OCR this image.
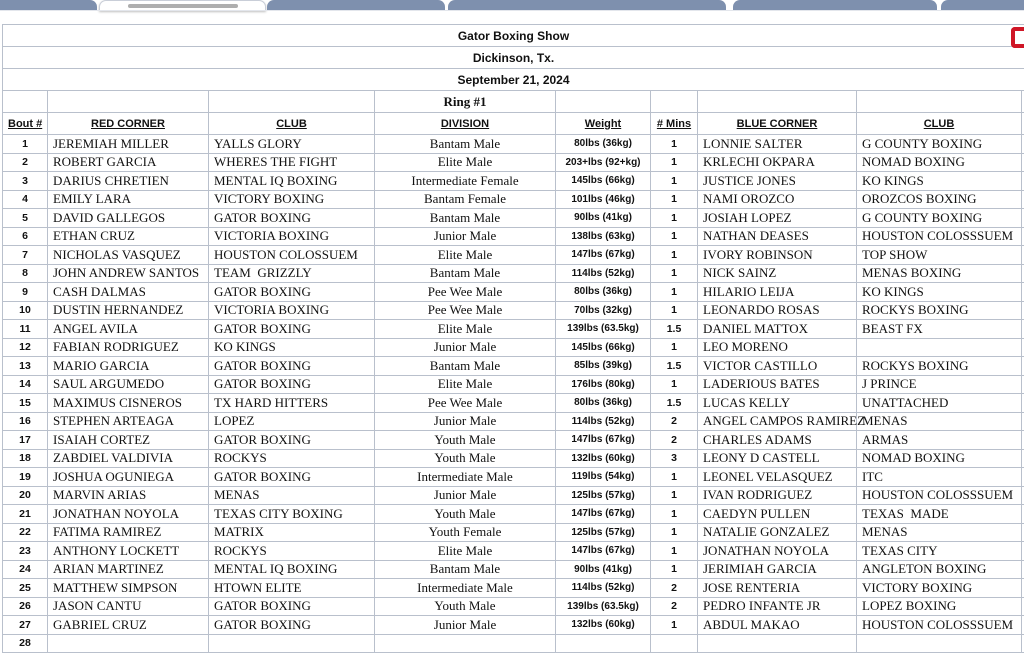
Gator Boxing Show								
Dickinson, Tx.								
September 21, 2024								
			Ring #1					
Bout #	RED CORNER	CLUB	DIVISION	Weight	# Mins	BLUE CORNER	CLUB	
1	JEREMIAH MILLER	YALLS GLORY	Bantam Male	80lbs (36kg)	1	LONNIE SALTER	G COUNTY BOXING	
2	ROBERT GARCIA	WHERES THE FIGHT	Elite Male	203+lbs (92+kg)	1	KRLECHI OKPARA	NOMAD BOXING	
3	DARIUS CHRETIEN	MENTAL IQ BOXING	Intermediate Female	145lbs (66kg)	1	JUSTICE JONES	KO KINGS	
4	EMILY LARA	VICTORY BOXING	Bantam Female	101lbs (46kg)	1	NAMI OROZCO	OROZCOS BOXING	
5	DAVID GALLEGOS	GATOR BOXING	Bantam Male	90lbs (41kg)	1	JOSIAH LOPEZ	G COUNTY BOXING	
6	ETHAN CRUZ	VICTORIA BOXING	Junior Male	138lbs (63kg)	1	NATHAN DEASES	HOUSTON COLOSSSUEM	
7	NICHOLAS VASQUEZ	HOUSTON COLOSSUEM	Elite Male	147lbs (67kg)	1	IVORY ROBINSON	TOP SHOW	
8	JOHN ANDREW SANTOS	TEAM  GRIZZLY	Bantam Male	114lbs (52kg)	1	NICK SAINZ	MENAS BOXING	
9	CASH DALMAS	GATOR BOXING	Pee Wee Male	80lbs (36kg)	1	HILARIO LEIJA	KO KINGS	
10	DUSTIN HERNANDEZ	VICTORIA BOXING	Pee Wee Male	70lbs (32kg)	1	LEONARDO ROSAS	ROCKYS BOXING	
11	ANGEL AVILA	GATOR BOXING	Elite Male	139lbs (63.5kg)	1.5	DANIEL MATTOX	BEAST FX	
12	FABIAN RODRIGUEZ	KO KINGS	Junior Male	145lbs (66kg)	1	LEO MORENO		
13	MARIO GARCIA	GATOR BOXING	Bantam Male	85lbs (39kg)	1.5	VICTOR CASTILLO	ROCKYS BOXING	
14	SAUL ARGUMEDO	GATOR BOXING	Elite Male	176lbs (80kg)	1	LADERIOUS BATES	J PRINCE	
15	MAXIMUS CISNEROS	TX HARD HITTERS	Pee Wee Male	80lbs (36kg)	1.5	LUCAS KELLY	UNATTACHED	
16	STEPHEN ARTEAGA	LOPEZ	Junior Male	114lbs (52kg)	2	ANGEL CAMPOS RAMIREZ	MENAS	
17	ISAIAH CORTEZ	GATOR BOXING	Youth Male	147lbs (67kg)	2	CHARLES ADAMS	ARMAS	
18	ZABDIEL VALDIVIA	ROCKYS	Youth Male	132lbs (60kg)	3	LEONY D CASTELL	NOMAD BOXING	
19	JOSHUA OGUNIEGA	GATOR BOXING	Intermediate Male	119lbs (54kg)	1	LEONEL VELASQUEZ	ITC	
20	MARVIN ARIAS	MENAS	Junior Male	125lbs (57kg)	1	IVAN RODRIGUEZ	HOUSTON COLOSSSUEM	
21	JONATHAN NOYOLA	TEXAS CITY BOXING	Youth Male	147lbs (67kg)	1	CAEDYN PULLEN	TEXAS  MADE	
22	FATIMA RAMIREZ	MATRIX	Youth Female	125lbs (57kg)	1	NATALIE GONZALEZ	MENAS	
23	ANTHONY LOCKETT	ROCKYS	Elite Male	147lbs (67kg)	1	JONATHAN NOYOLA	TEXAS CITY	
24	ARIAN MARTINEZ	MENTAL IQ BOXING	Bantam Male	90lbs (41kg)	1	JERIMIAH GARCIA	ANGLETON BOXING	
25	MATTHEW SIMPSON	HTOWN ELITE	Intermediate Male	114lbs (52kg)	2	JOSE RENTERIA	VICTORY BOXING	
26	JASON CANTU	GATOR BOXING	Youth Male	139lbs (63.5kg)	2	PEDRO INFANTE JR	LOPEZ BOXING	
27	GABRIEL CRUZ	GATOR BOXING	Junior Male	132lbs (60kg)	1	ABDUL MAKAO	HOUSTON COLOSSSUEM	
28								
